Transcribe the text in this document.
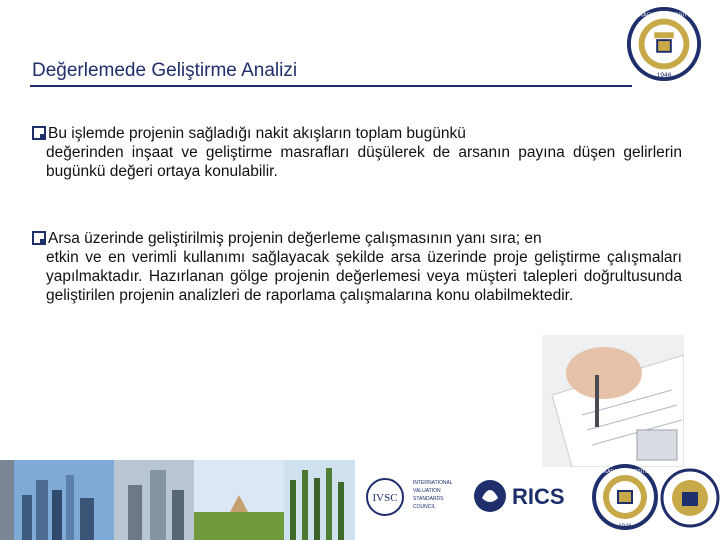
Değerlemede Geliştirme Analizi
ANKARA ÜNİVERSİTESİ
1946
Bu işlemde projenin sağladığı nakit akışların toplam bugünkü
değerinden inşaat ve geliştirme masrafları düşülerek de arsanın payına düşen gelirlerin bugünkü değeri ortaya konulabilir.
Arsa üzerinde geliştirilmiş projenin değerleme çalışmasının yanı sıra; en
etkin ve en verimli kullanımı sağlayacak şekilde arsa üzerinde proje geliştirme çalışmaları yapılmaktadır. Hazırlanan gölge projenin değerlemesi veya müşteri talepleri doğrultusunda geliştirilen projenin analizleri de raporlama çalışmalarına konu olabilmektedir.
IVSC
INTERNATIONAL
VALUATION
STANDARDS
COUNCIL	RICS
ANKARA ÜNİVERSİTESİ
1946
